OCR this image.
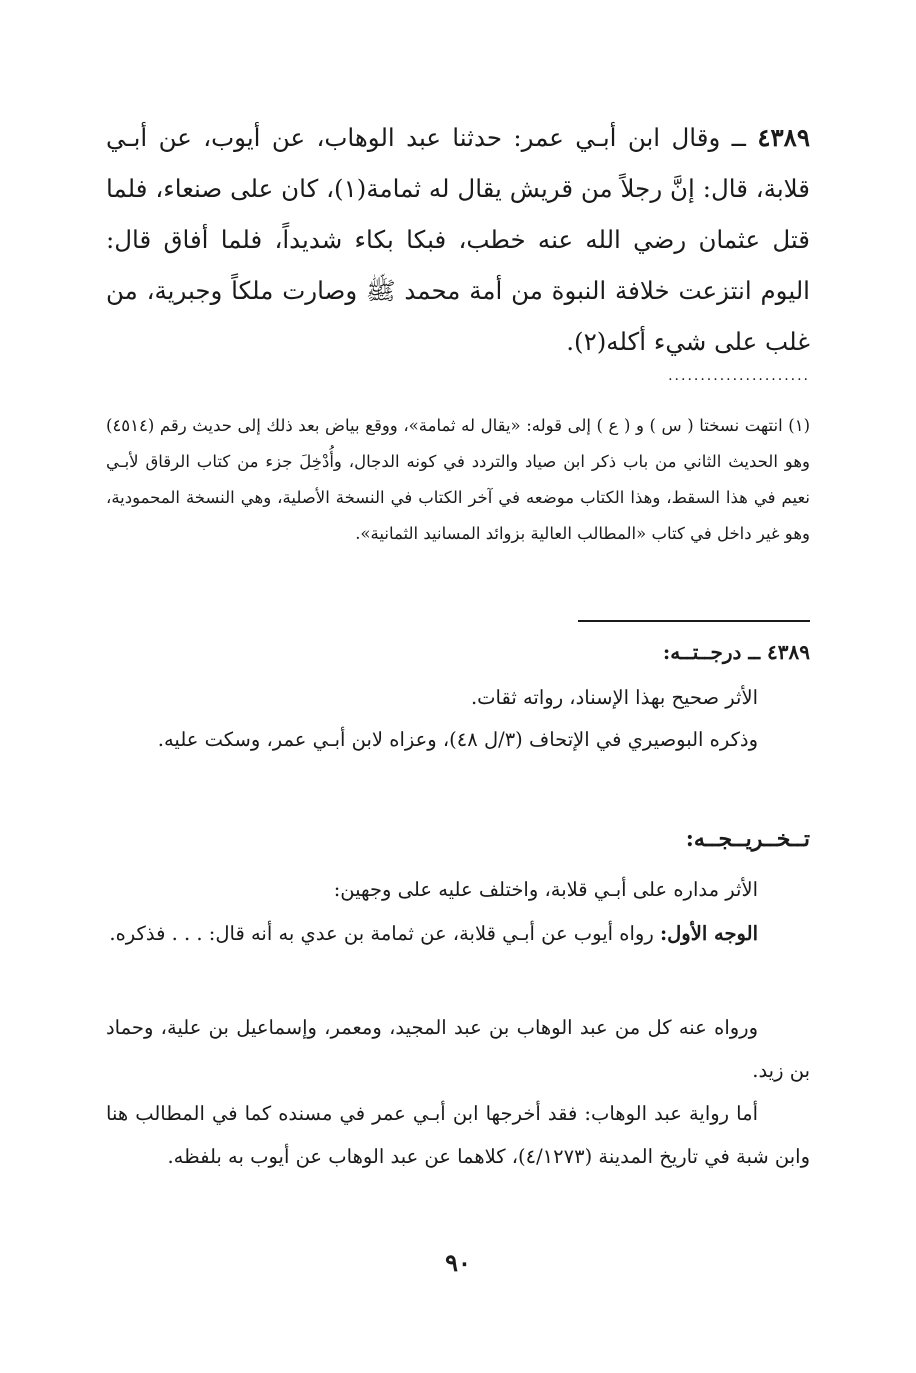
٤٣٨٩ ــ وقال ابن أبـي عمر: حدثنا عبد الوهاب، عن أيوب، عن أبـي قلابة، قال: إنَّ رجلاً من قريش يقال له ثمامة(١)، كان على صنعاء، فلما قتل عثمان رضي الله عنه خطب، فبكا بكاء شديداً، فلما أفاق قال: اليوم انتزعت خلافة النبوة من أمة محمد ﷺ وصارت ملكاً وجبرية، من غلب على شيء أكله(٢).
......................
(١) انتهت نسختا ( س ) و ( ع ) إلى قوله: «يقال له ثمامة»، ووقع بياض بعد ذلك إلى حديث رقم (٤٥١٤) وهو الحديث الثاني من باب ذكر ابن صياد والتردد في كونه الدجال، وأُدْخِلَ جزء من كتاب الرقاق لأبـي نعيم في هذا السقط، وهذا الكتاب موضعه في آخر الكتاب في النسخة الأصلية، وهي النسخة المحمودية، وهو غير داخل في كتاب «المطالب العالية بزوائد المسانيد الثمانية».
٤٣٨٩ ــ درجــتــه:
الأثر صحيح بهذا الإسناد، رواته ثقات.
وذكره البوصيري في الإتحاف (٣/ل ٤٨)، وعزاه لابن أبـي عمر، وسكت عليه.
تــخــريــجــه:
الأثر مداره على أبـي قلابة، واختلف عليه على وجهين:
الوجه الأول: رواه أيوب عن أبـي قلابة، عن ثمامة بن عدي به أنه قال: . . . فذكره.
ورواه عنه كل من عبد الوهاب بن عبد المجيد، ومعمر، وإسماعيل بن علية، وحماد بن زيد.
أما رواية عبد الوهاب: فقد أخرجها ابن أبـي عمر في مسنده كما في المطالب هنا وابن شبة في تاريخ المدينة (٤/١٢٧٣)، كلاهما عن عبد الوهاب عن أيوب به بلفظه.
٩٠
